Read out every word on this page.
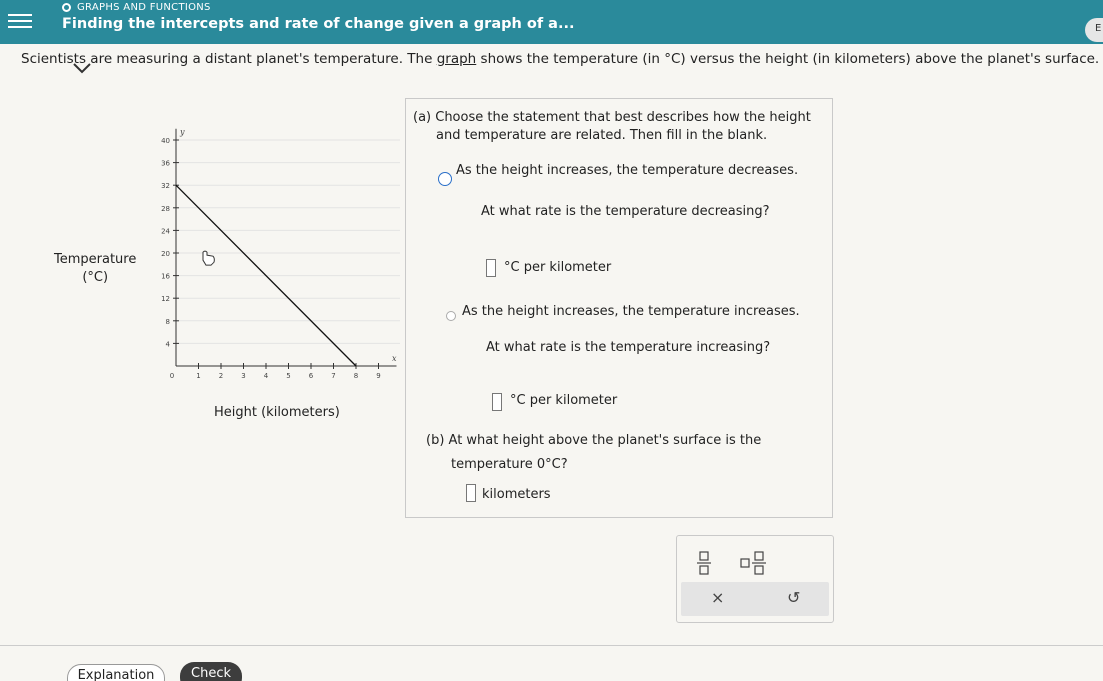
GRAPHS AND FUNCTIONS
Finding the intercepts and rate of change given a graph of a...	E
Scientists are measuring a distant planet's temperature. The graph shows the temperature (in °C) versus the height (in kilometers) above the planet's surface.
Temperature
(°C)
40
36
32
28
24
20
16
12
8
4
0	1	2	3	4	5	6	7	8	9
y
x
Height (kilometers)
(a) Choose the statement that best describes how the height
and temperature are related. Then fill in the blank.
As the height increases, the temperature decreases.
At what rate is the temperature decreasing?
°C per kilometer
As the height increases, the temperature increases.
At what rate is the temperature increasing?
°C per kilometer
(b) At what height above the planet's surface is the
temperature 0°C?
kilometers
×	↺
Explanation	Check
